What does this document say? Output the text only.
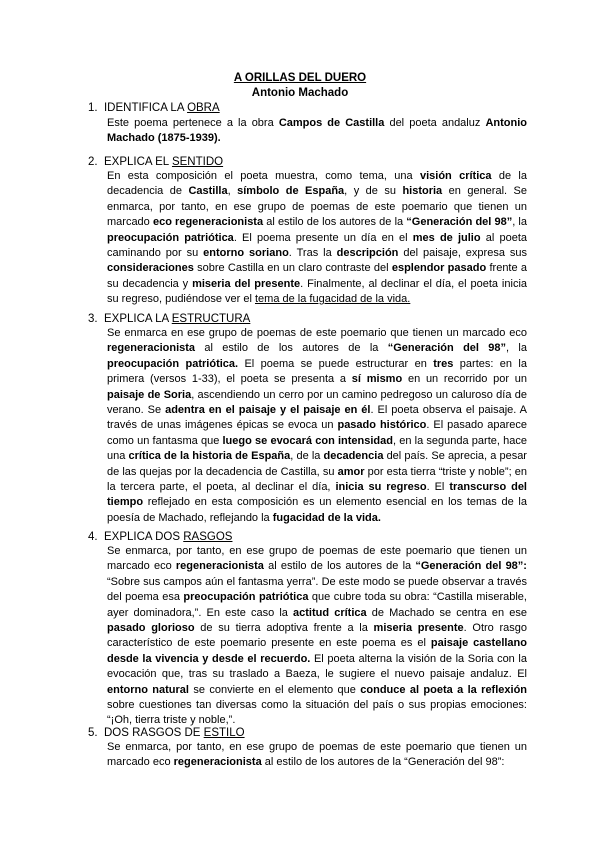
A ORILLAS DEL DUERO
Antonio Machado
1. IDENTIFICA LA OBRA
Este poema pertenece a la obra Campos de Castilla del poeta andaluz Antonio Machado (1875-1939).
2. EXPLICA EL SENTIDO
En esta composición el poeta muestra, como tema, una visión crítica de la decadencia de Castilla, símbolo de España, y de su historia en general. Se enmarca, por tanto, en ese grupo de poemas de este poemario que tienen un marcado eco regeneracionista al estilo de los autores de la “Generación del 98”, la preocupación patriótica. El poema presente un día en el mes de julio al poeta caminando por su entorno soriano. Tras la descripción del paisaje, expresa sus consideraciones sobre Castilla en un claro contraste del esplendor pasado frente a su decadencia y miseria del presente. Finalmente, al declinar el día, el poeta inicia su regreso, pudiéndose ver el tema de la fugacidad de la vida.
3. EXPLICA LA ESTRUCTURA
Se enmarca en ese grupo de poemas de este poemario que tienen un marcado eco regeneracionista al estilo de los autores de la “Generación del 98”, la preocupación patriótica. El poema se puede estructurar en tres partes: en la primera (versos 1-33), el poeta se presenta a sí mismo en un recorrido por un paisaje de Soria, ascendiendo un cerro por un camino pedregoso un caluroso día de verano. Se adentra en el paisaje y el paisaje en él. El poeta observa el paisaje. A través de unas imágenes épicas se evoca un pasado histórico. El pasado aparece como un fantasma que luego se evocará con intensidad, en la segunda parte, hace una crítica de la historia de España, de la decadencia del país. Se aprecia, a pesar de las quejas por la decadencia de Castilla, su amor por esta tierra “triste y noble”; en la tercera parte, el poeta, al declinar el día, inicia su regreso. El transcurso del tiempo reflejado en esta composición es un elemento esencial en los temas de la poesía de Machado, reflejando la fugacidad de la vida.
4. EXPLICA DOS RASGOS
Se enmarca, por tanto, en ese grupo de poemas de este poemario que tienen un marcado eco regeneracionista al estilo de los autores de la “Generación del 98”: “Sobre sus campos aún el fantasma yerra”. De este modo se puede observar a través del poema esa preocupación patriótica que cubre toda su obra: “Castilla miserable, ayer dominadora,”. En este caso la actitud crítica de Machado se centra en ese pasado glorioso de su tierra adoptiva frente a la miseria presente. Otro rasgo característico de este poemario presente en este poema es el paisaje castellano desde la vivencia y desde el recuerdo. El poeta alterna la visión de la Soria con la evocación que, tras su traslado a Baeza, le sugiere el nuevo paisaje andaluz. El entorno natural se convierte en el elemento que conduce al poeta a la reflexión sobre cuestiones tan diversas como la situación del país o sus propias emociones: “¡Oh, tierra triste y noble,”.
5. DOS RASGOS DE ESTILO
Se enmarca, por tanto, en ese grupo de poemas de este poemario que tienen un marcado eco regeneracionista al estilo de los autores de la “Generación del 98”:
